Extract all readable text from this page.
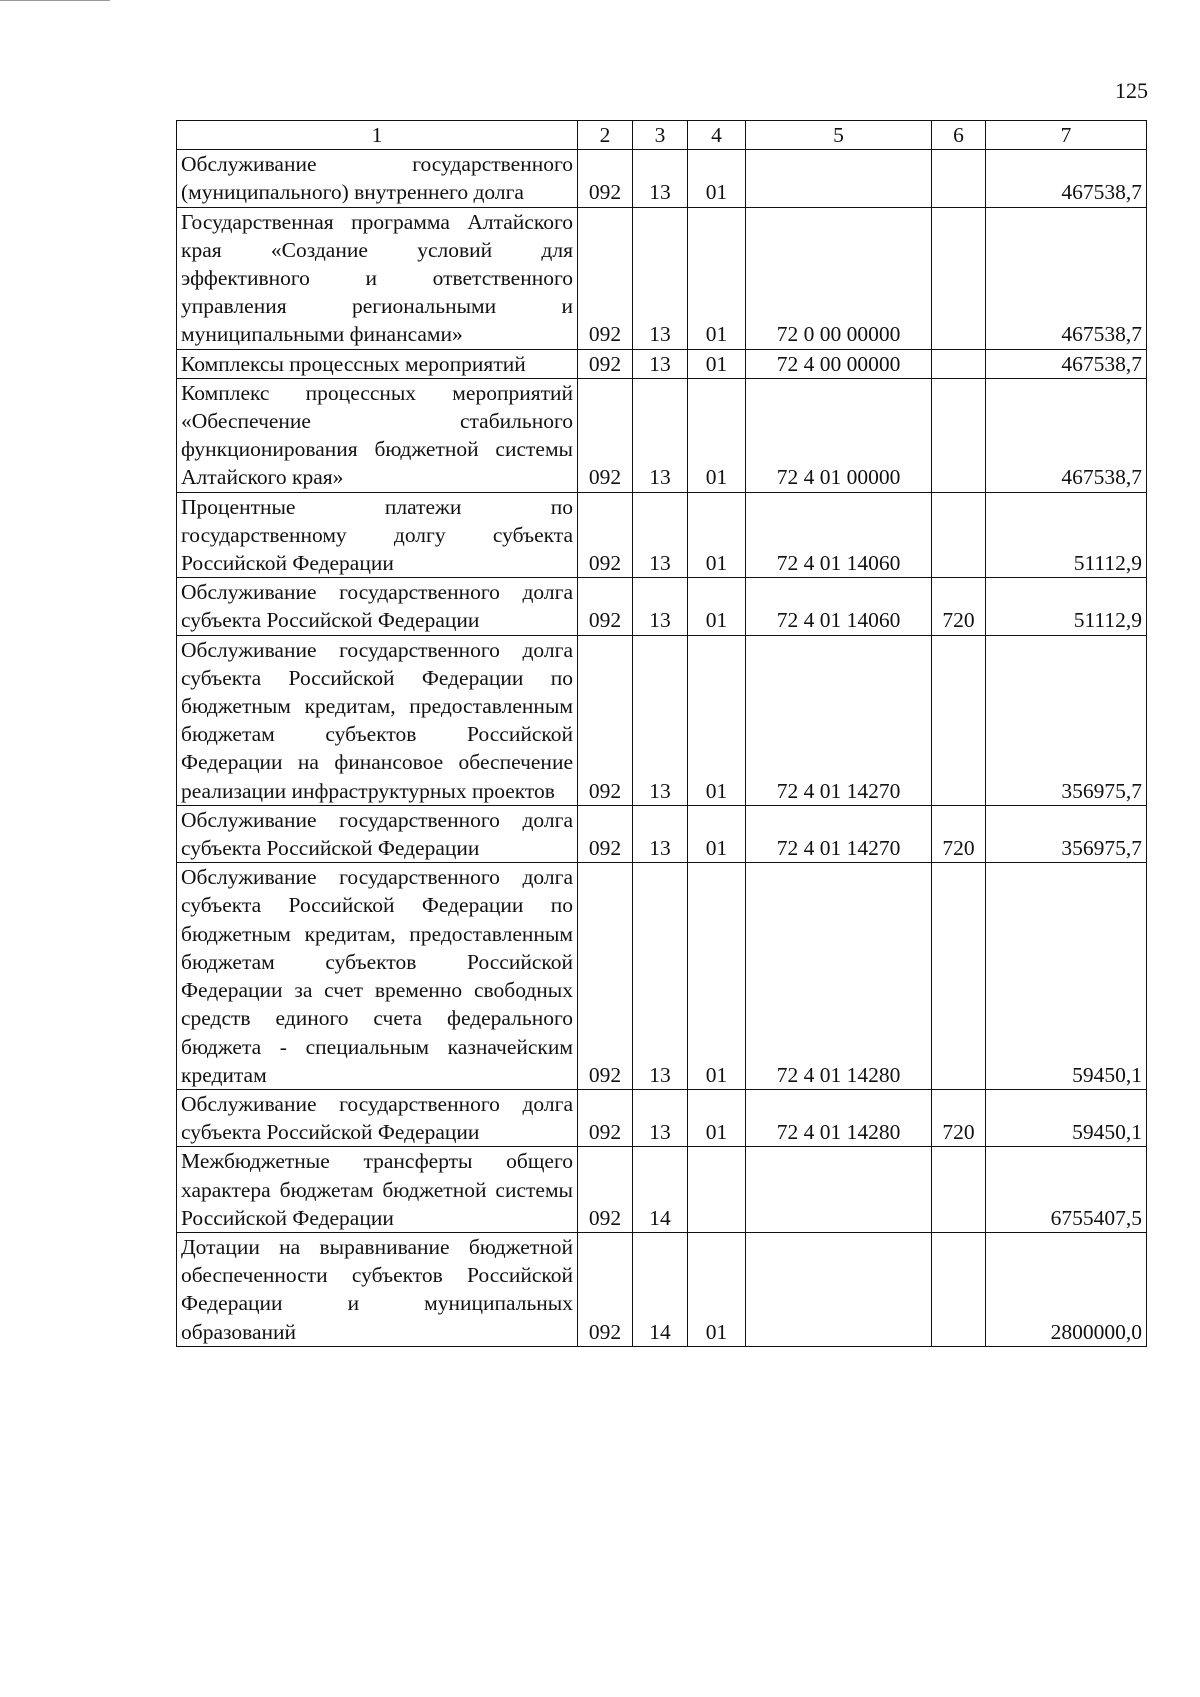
125
1	2	3	4	5	6	7
Обслуживание государственного (муниципального) внутреннего долга	092	13	01			467538,7
Государственная программа Алтайского края «Создание условий для эффективного и ответственного управления региональными и муниципальными финансами»	092	13	01	72 0 00 00000		467538,7
Комплексы процессных мероприятий	092	13	01	72 4 00 00000		467538,7
Комплекс процессных мероприятий «Обеспечение стабильного функционирования бюджетной системы Алтайского края»	092	13	01	72 4 01 00000		467538,7
Процентные платежи по государственному долгу субъекта Российской Федерации	092	13	01	72 4 01 14060		51112,9
Обслуживание государственного долга субъекта Российской Федерации	092	13	01	72 4 01 14060	720	51112,9
Обслуживание государственного долга субъекта Российской Федерации по бюджетным кредитам, предоставленным бюджетам субъектов Российской Федерации на финансовое обеспечение реализации инфраструктурных проектов	092	13	01	72 4 01 14270		356975,7
Обслуживание государственного долга субъекта Российской Федерации	092	13	01	72 4 01 14270	720	356975,7
Обслуживание государственного долга субъекта Российской Федерации по бюджетным кредитам, предоставленным бюджетам субъектов Российской Федерации за счет временно свободных средств единого счета федерального бюджета - специальным казначейским кредитам	092	13	01	72 4 01 14280		59450,1
Обслуживание государственного долга субъекта Российской Федерации	092	13	01	72 4 01 14280	720	59450,1
Межбюджетные трансферты общего характера бюджетам бюджетной системы Российской Федерации	092	14				6755407,5
Дотации на выравнивание бюджетной обеспеченности субъектов Российской Федерации и муниципальных образований	092	14	01			2800000,0
